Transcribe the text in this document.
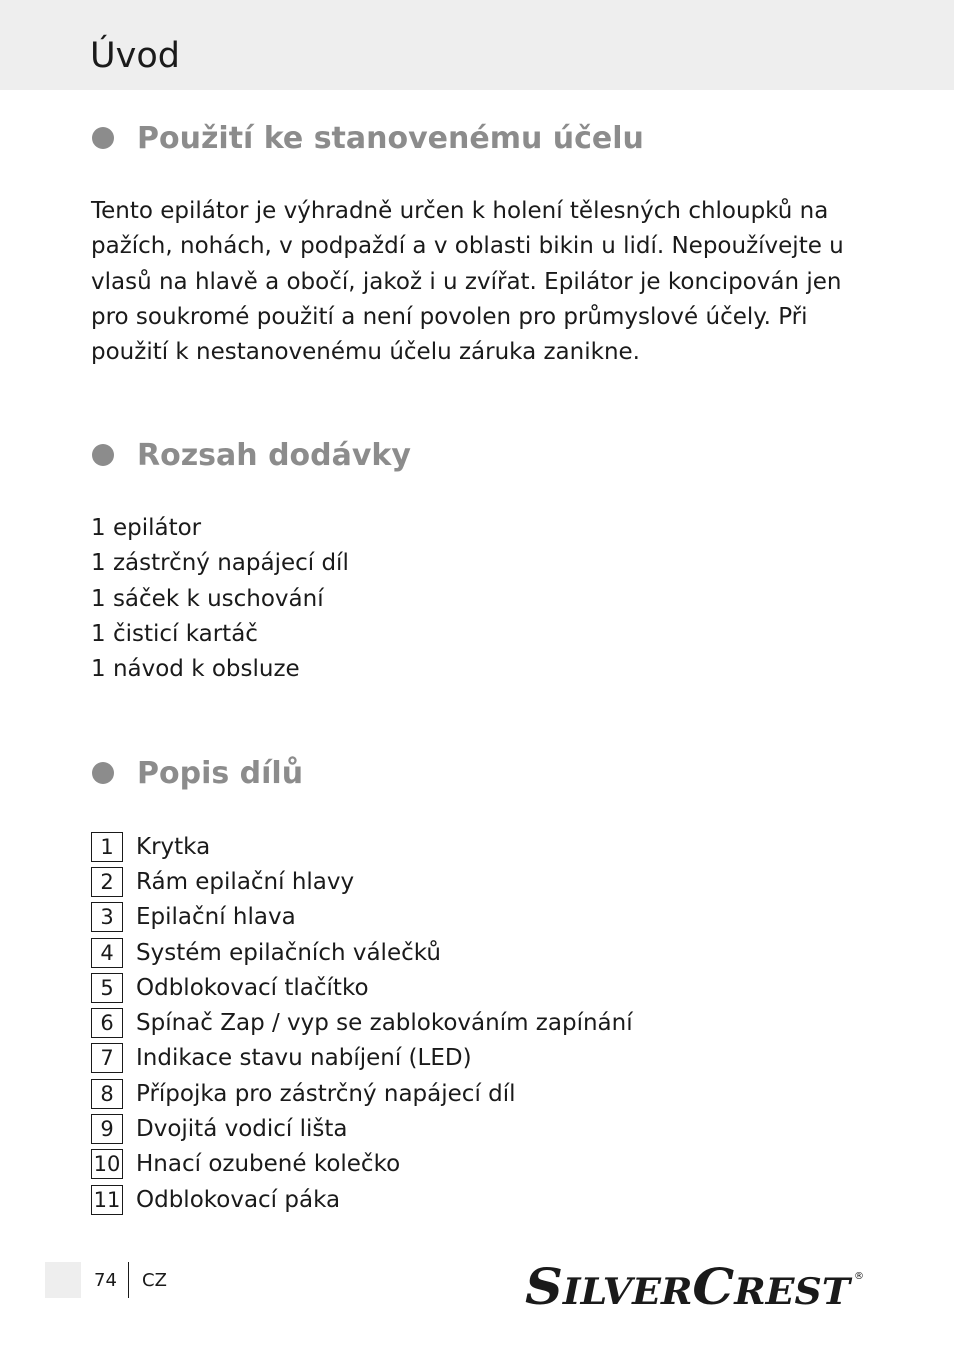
Úvod
Použití ke stanovenému účelu

Tento epilátor je výhradně určen k holení tělesných chloupků na pažích, nohách, v podpaždí a v oblasti bikin u lidí. Nepoužívejte u vlasů na hlavě a obočí, jakož i u zvířat. Epilátor je koncipován jen pro soukromé použití a není povolen pro průmyslové účely. Při použití k nestanovenému účelu záruka zanikne.

Rozsah dodávky
1 epilátor
1 zástrčný napájecí díl
1 sáček k uschování
1 čisticí kartáč
1 návod k obsluze
Popis dílů
1 Krytka
2 Rám epilační hlavy
3 Epilační hlava
4 Systém epilačních válečků
5 Odblokovací tlačítko
6 Spínač Zap / vyp se zablokováním zapínání
7 Indikace stavu nabíjení (LED)
8 Přípojka pro zástrčný napájecí díl
9 Dvojitá vodicí lišta
10 Hnací ozubené kolečko
11 Odblokovací páka
74 CZ	SILVER CREST ®
